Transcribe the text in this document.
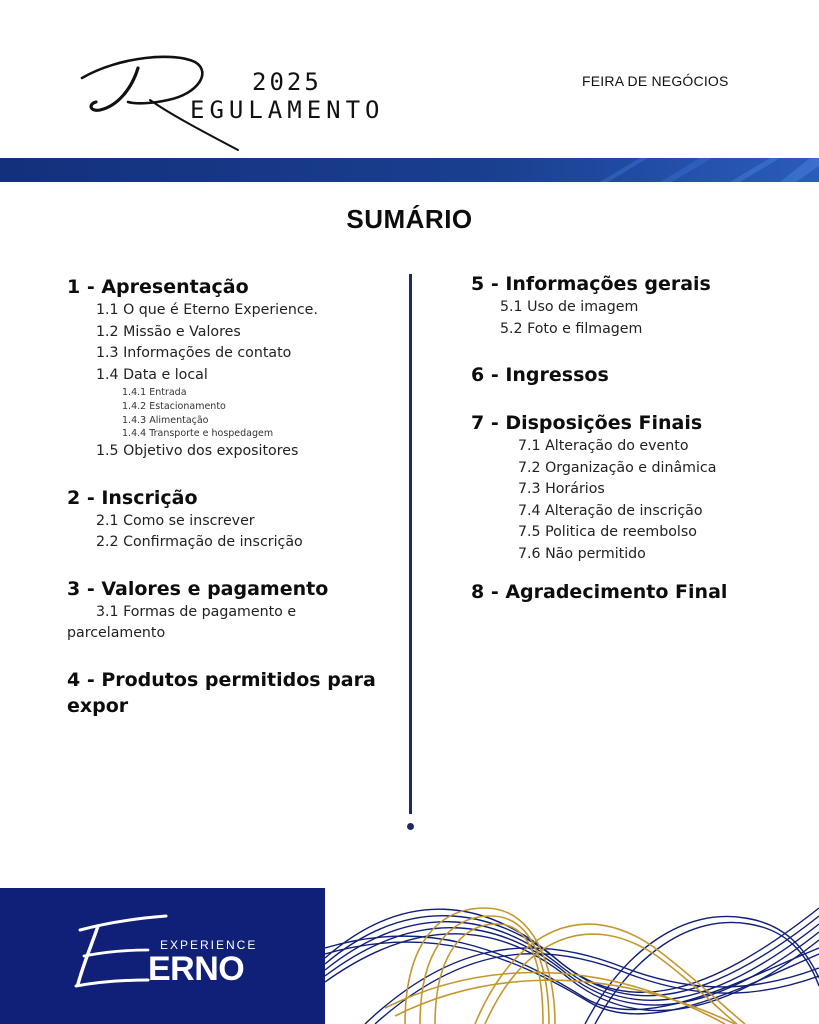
2025
EGULAMENTO
FEIRA DE NEGÓCIOS
SUMÁRIO
1 - Apresentação
1.1 O que é Eterno Experience.
1.2 Missão e Valores
1.3 Informações de contato
1.4 Data e local
1.4.1 Entrada
1.4.2 Estacionamento
1.4.3 Alimentação
1.4.4 Transporte e hospedagem
1.5 Objetivo dos expositores
2 - Inscrição
2.1 Como se inscrever
2.2 Confirmação de inscrição
3 - Valores e pagamento
3.1 Formas de pagamento e
parcelamento
4 - Produtos permitidos para
expor
5 - Informações gerais
5.1 Uso de imagem
5.2 Foto e filmagem
6 - Ingressos
7 - Disposições Finais
7.1 Alteração do evento
7.2 Organização e dinâmica
7.3 Horários
7.4 Alteração de inscrição
7.5 Politica de reembolso
7.6 Não permitido
8 - Agradecimento Final
EXPERIENCE
ERNO
